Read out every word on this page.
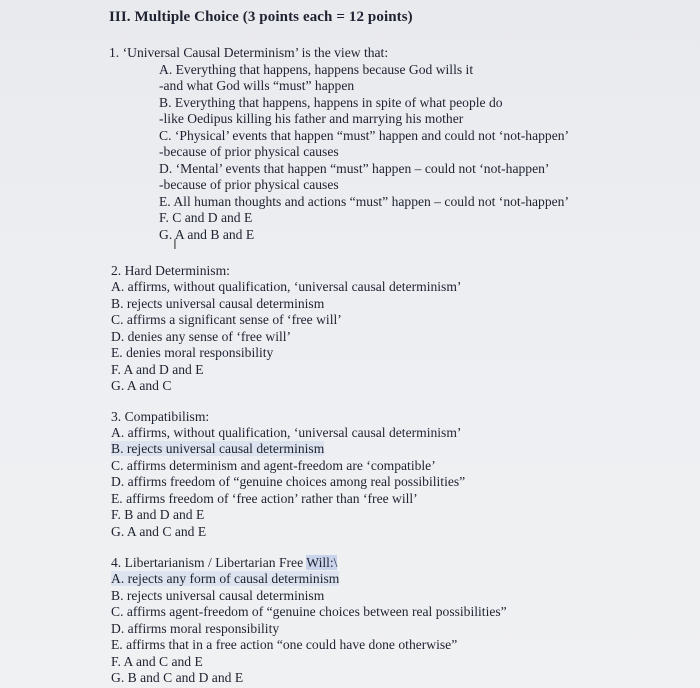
III. Multiple Choice (3 points each = 12 points)
1. ‘Universal Causal Determinism’ is the view that:
A. Everything that happens, happens because God wills it
-and what God wills “must” happen
B. Everything that happens, happens in spite of what people do
-like Oedipus killing his father and marrying his mother
C. ‘Physical’ events that happen “must” happen and could not ‘not-happen’
-because of prior physical causes
D. ‘Mental’ events that happen “must” happen – could not ‘not-happen’
-because of prior physical causes
E. All human thoughts and actions “must” happen – could not ‘not-happen’
F. C and D and E
G. A and B and E
I
2. Hard Determinism:
A. affirms, without qualification, ‘universal causal determinism’
B. rejects universal causal determinism
C. affirms a significant sense of ‘free will’
D. denies any sense of ‘free will’
E. denies moral responsibility
F. A and D and E
G. A and C
3. Compatibilism:
A. affirms, without qualification, ‘universal causal determinism’
B. rejects universal causal determinism
C. affirms determinism and agent-freedom are ‘compatible’
D. affirms freedom of “genuine choices among real possibilities”
E. affirms freedom of ‘free action’ rather than ‘free will’
F. B and D and E
G. A and C and E
4. Libertarianism / Libertarian Free Will:\
A. rejects any form of causal determinism
B. rejects universal causal determinism
C. affirms agent-freedom of “genuine choices between real possibilities”
D. affirms moral responsibility
E. affirms that in a free action “one could have done otherwise”
F. A and C and E
G. B and C and D and E
